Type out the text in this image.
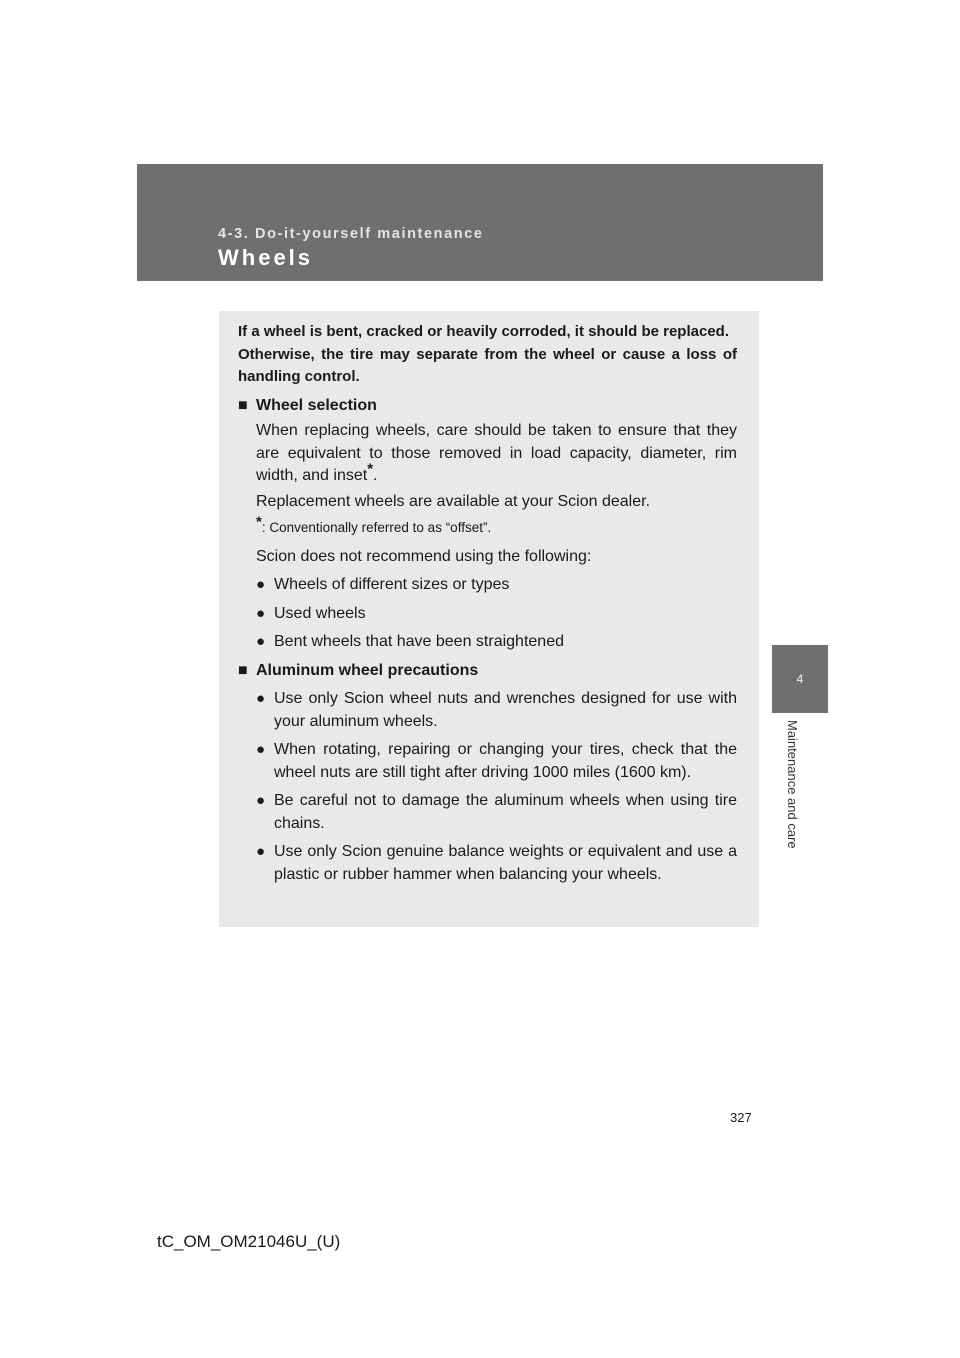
4-3. Do-it-yourself maintenance
Wheels
4
Maintenance and care
If a wheel is bent, cracked or heavily corroded, it should be replaced.
Otherwise, the tire may separate from the wheel or cause a loss of handling control.
■ Wheel selection
When replacing wheels, care should be taken to ensure that they are equivalent to those removed in load capacity, diameter, rim width, and inset*.
Replacement wheels are available at your Scion dealer.
*: Conventionally referred to as “offset”.
Scion does not recommend using the following:
● Wheels of different sizes or types
● Used wheels
● Bent wheels that have been straightened
■ Aluminum wheel precautions
● Use only Scion wheel nuts and wrenches designed for use with your aluminum wheels.
● When rotating, repairing or changing your tires, check that the wheel nuts are still tight after driving 1000 miles (1600 km).
● Be careful not to damage the aluminum wheels when using tire chains.
● Use only Scion genuine balance weights or equivalent and use a plastic or rubber hammer when balancing your wheels.
327
tC_OM_OM21046U_(U)
